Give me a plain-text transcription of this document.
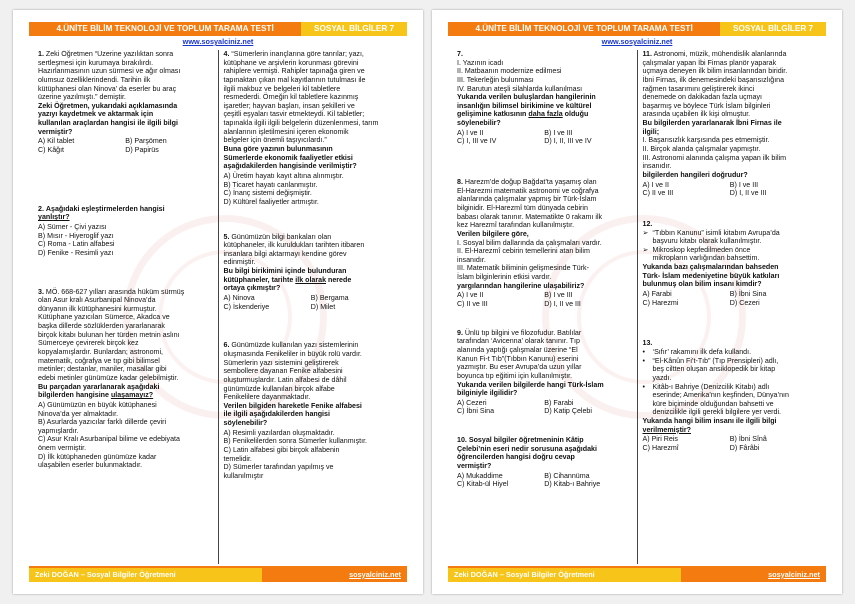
4.ÜNİTE BİLİM TEKNOLOJİ VE TOPLUM TARAMA TESTİ	SOSYAL BİLGİLER 7
www.sosyalciniz.net

1. Zeki Öğretmen “Üzerine yazılıktan sonra

sertleşmesi için kurumaya bırakılırdı.

Hazırlanmasının uzun sürmesi ve ağır olması

olumsuz özelliklerindendi. Tarihin ilk

kütüphanesi olan Ninova’ da eserler bu araç

üzerine yazılmıştı.” demiştir.

Zeki Öğretmen, yukarıdaki açıklamasında

yazıyı kaydetmek ve aktarmak için

kullanılan araçlardan hangisi ile ilgili bilgi

vermiştir?

A) Kil tablet	B) Parşömen
C) Kâğıt	D) Papirüs

2. Aşağıdaki eşleştirmelerden hangisi

yanlıştır?

A) Sümer - Çivi yazısı
B) Mısır - Hiyeroglif yazı
C) Roma - Latin alfabesi
D) Fenike - Resimli yazı

3. MÖ. 668-627 yılları arasında hüküm sürmüş

olan Asur kralı Asurbanipal Ninova’da

dünyanın ilk kütüphanesini kurmuştur.

Kütüphane yazıcıları Sümerce, Akadca ve

başka dillerde sözlüklerden yararlanarak

birçok kitabı bulunan her türden metnin aslını

Sümerceye çevirerek birçok kez

kopyalamışlardır. Bunlardan; astronomi,

matematik, coğrafya ve tıp gibi bilimsel

metinler; destanlar, maniler, masallar gibi

edebi metinler günümüze kadar gelebilmiştir.

Bu parçadan yararlanarak aşağıdaki

bilgilerden hangisine ulaşamayız?

A) Günümüzün en büyük kütüphanesi
Ninova’da yer almaktadır.
B) Asurlarda yazıcılar farklı dillerde çeviri
yapmışlardır.
C) Asur Kralı Asurbanipal bilime ve edebiyata
önem vermiştir.
D) İlk kütüphaneden günümüze kadar
ulaşabilen eserler bulunmaktadır.

4. “Sümerlerin inançlarına göre tanrılar; yazı,

kütüphane ve arşivlerin korunması görevini

rahiplere vermişti. Rahipler tapınağa giren ve

tapınaktan çıkan mal kayıtlarının tutulması ile

ilgili makbuz ve belgeleri kil tabletlere

resmederdi. Örneğin kil tabletlere kazınmış

işaretler; hayvan başları, insan şekilleri ve

çeşitli eşyaları tasvir etmekteydi. Kil tabletler;

tapınakla ilgili ilgili belgelerin düzenlenmesi, tarım

alanlarının işletilmesini içeren ekonomik

belgeler için önemli taşıyıcılardı.”

Buna göre yazının bulunmasının

Sümerlerde ekonomik faaliyetler etkisi

aşağıdakilerden hangisinde verilmiştir?

A) Üretim hayatı kayıt altına alınmıştır.
B) Ticaret hayatı canlanmıştır.
C) İnanç sistemi değişmiştir.
D) Kültürel faaliyetler artmıştır.

5. Günümüzün bilgi bankaları olan

kütüphaneler, ilk kuruldukları tarihten itibaren

insanlara bilgi aktarmayı kendine görev

edinmiştir.

Bu bilgi birikimini içinde bulunduran

kütüphaneler, tarihte ilk olarak nerede

ortaya çıkmıştır?

A) Ninova	B) Bergama
C) İskenderiye	D) Milet

6. Günümüzde kullanılan yazı sistemlerinin

oluşmasında Fenikeliler in büyük rolü vardır.

Sümerlerin yazı sistemini geliştirerek

sembollere dayanan Fenike alfabesini

oluşturmuşlardır. Latin alfabesi de dâhil

günümüzde kullanılan birçok alfabe

Fenikelilere dayanmaktadır.

Verilen bilgiden hareketle Fenike alfabesi

ile ilgili aşağıdakilerden hangisi

söylenebilir?

A) Resimli yazılardan oluşmaktadır.
B) Fenikelilerden sonra Sümerler kullanmıştır.
C) Latin alfabesi gibi birçok alfabenin
temelidir.
D) Sümerler tarafından yapılmış ve
kullanılmıştır
Zeki DOĞAN – Sosyal Bilgiler Öğretmeni	sosyalciniz.net
4.ÜNİTE BİLİM TEKNOLOJİ VE TOPLUM TARAMA TESTİ	SOSYAL BİLGİLER 7
www.sosyalciniz.net

7.

I. Yazının icadı

II. Matbaanın modernize edilmesi

III. Tekerleğin bulunması

IV. Barutun ateşli silahlarda kullanılması

Yukarıda verilen buluşlardan hangilerinin

insanlığın bilimsel birikimine ve kültürel

gelişimine katkısının daha fazla olduğu

söylenebilir?

A) I ve II	B) I ve III
C) I, III ve IV	D) I, II, III ve IV

8. Harezm’de doğup Bağdat’ta yaşamış olan

El-Harezmi matematik astronomi ve coğrafya

alanlarında çalışmalar yapmış bir Türk-İslam

bilginidir. El-Harezmî tüm dünyada cebirin

babası olarak tanınır. Matematikte 0 rakamı ilk

kez Harezmî tarafından kullanılmıştır.

Verilen bilgilere göre,

I. Sosyal bilim dallarında da çalışmaları vardır.

II. El-Harezmî cebirin temellerini atan bilim

insanıdır.

III. Matematik biliminin gelişmesinde Türk-

İslam bilginlerinin etkisi vardır.

yargılarından hangilerine ulaşabiliriz?

A) I ve II	B) I ve III
C) II ve III	D) I, II ve III

9. Ünlü tıp bilgini ve filozofudur. Batılılar

tarafından ‘Avicenna’ olarak tanınır. Tıp

alanında yaptığı çalışmalar üzerine “El

Kanun Fi-t Tıb”(Tıbbın Kanunu) eserini

yazmıştır. Bu eser Avrupa’da uzun yıllar

boyunca tıp eğitimi için kullanılmıştır.

Yukarıda verilen bilgilerde hangi Türk-İslam

bilginiyle ilgilidir?

A) Cezeri	B) Farabi
C) İbni Sina	D) Katip Çelebi

10. Sosyal bilgiler öğretmeninin Kâtip

Çelebi’nin eseri nedir sorusuna aşağıdaki

öğrencilerden hangisi doğru cevap

vermiştir?

A) Mukaddime	B) Cihannüma
C) Kitab-ül Hiyel	D) Kitab-ı Bahriye

11. Astronomi, müzik, mühendislik alanlarında

çalışmalar yapan İbi Firnas planör yaparak

uçmaya deneyen ilk bilim insanlarından biridir.

İbni Firnas, ilk denemesindeki başarısızlığına

rağmen tasarımını geliştirerek ikinci

denemede on dakikadan fazla uçmayı

başarmış ve böylece Türk İslam bilginleri

arasında uçabilen ilk kişi olmuştur.

Bu bilgilerden yararlanarak İbni Firnas ile

ilgili;

I. Başarısızlık karşısında pes etmemiştir.

II. Birçok alanda çalışmalar yapmıştır.

III. Astronomi alanında çalışma yapan ilk bilim

insanıdır.

bilgilerden hangileri doğrudur?

A) I ve II	B) I ve III
C) II ve III	D) I, II ve III

12.

➢ “Tıbbın Kanunu” isimli kitabım Avrupa’da

başvuru kitabı olarak kullanılmıştır.

➢ Mikroskop kepfedilmeden önce

mikropların varlığından bahsettim.

Yukarıda bazı çalışmalarından bahseden

Türk- İslam medeniyetine büyük katkıları

bulunmuş olan bilim insanı kimdir?

A) Farabi	B) İbni Sina
C) Harezmi	D) Cezeri

13.

• ‘Sıfır’ rakamını ilk defa kullandı.

• “El-Kânûn Fi’t-Tıb” (Tıp Prensipleri) adlı,

beş ciltten oluşan ansiklopedik bir kitap

yazdı.

• Kitâb-ı Bahriye (Denizcilik Kitabı) adlı

eserinde; Amerika’nın keşfinden, Dünya’nın

küre biçiminde olduğundan bahsetti ve

denizcilikle ilgili gerekli bilgilere yer verdi.

Yukarıda hangi bilim insanı ile ilgili bilgi

verilmemiştir?

A) Piri Reis	B) İbni Sînâ
C) Harezmî	D) Fârâbi
Zeki DOĞAN – Sosyal Bilgiler Öğretmeni	sosyalciniz.net
